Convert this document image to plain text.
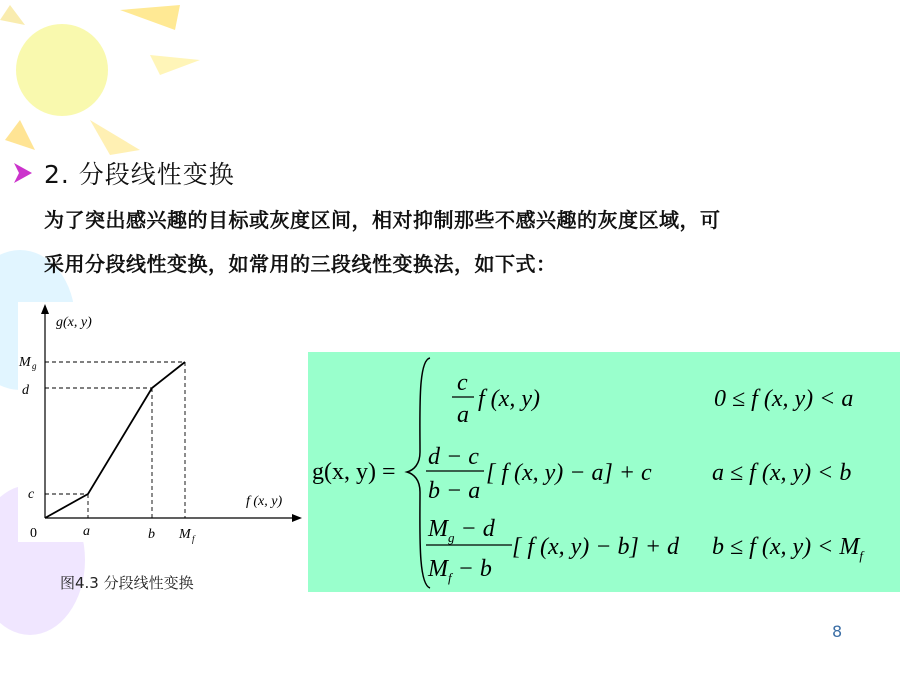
2. 分段线性变换
为了突出感兴趣的目标或灰度区间，相对抑制那些不感兴趣的灰度区域，可
采用分段线性变换，如常用的三段线性变换法，如下式：
g(x, y)
f (x, y)
0	a	b M f
c
d
M g
图4.3 分段线性变换
g(x, y) =
c
a
f (x, y)	0 ≤ f (x, y) < a
d − c
b − a
[ f (x, y) − a] + c	a ≤ f (x, y) < b
$M_g - d$
$M_f - b$
[ f (x, y) − b] + d b ≤ f (x, $y) < M_f$
8
